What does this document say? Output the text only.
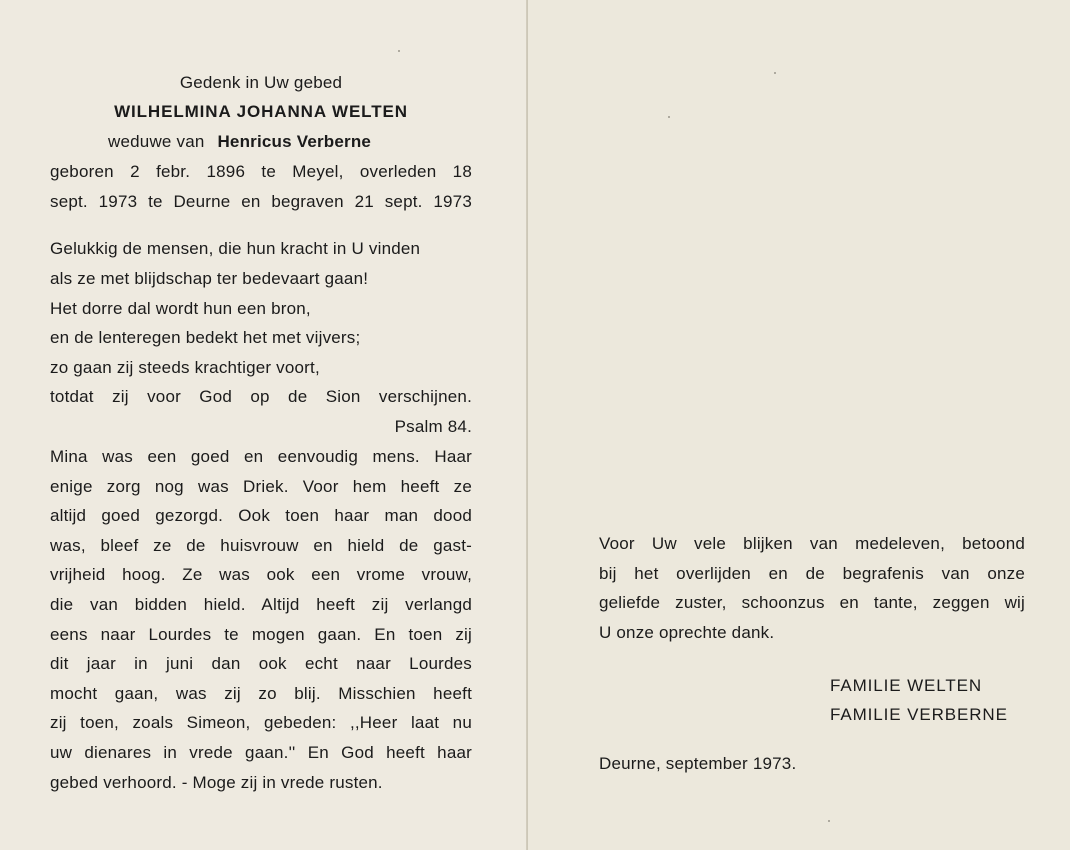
Gedenk in Uw gebed
WILHELMINA JOHANNA WELTEN
weduwe van Henricus Verberne
geboren 2 febr. 1896 te Meyel, overleden 18
sept. 1973 te Deurne en begraven 21 sept. 1973
Gelukkig de mensen, die hun kracht in U vinden
als ze met blijdschap ter bedevaart gaan!
Het dorre dal wordt hun een bron,
en de lenteregen bedekt het met vijvers;
zo gaan zij steeds krachtiger voort,
totdat zij voor God op de Sion verschijnen.
Psalm 84.
Mina was een goed en eenvoudig mens. Haar
enige zorg nog was Driek. Voor hem heeft ze
altijd goed gezorgd. Ook toen haar man dood
was, bleef ze de huisvrouw en hield de gast-
vrijheid hoog. Ze was ook een vrome vrouw,
die van bidden hield. Altijd heeft zij verlangd
eens naar Lourdes te mogen gaan. En toen zij
dit jaar in juni dan ook echt naar Lourdes
mocht gaan, was zij zo blij. Misschien heeft
zij toen, zoals Simeon, gebeden: ,,Heer laat nu
uw dienares in vrede gaan.'' En God heeft haar
gebed verhoord. - Moge zij in vrede rusten.
Voor Uw vele blijken van medeleven, betoond
bij het overlijden en de begrafenis van onze
geliefde zuster, schoonzus en tante, zeggen wij
U onze oprechte dank.
FAMILIE WELTEN
FAMILIE VERBERNE
Deurne, september 1973.
